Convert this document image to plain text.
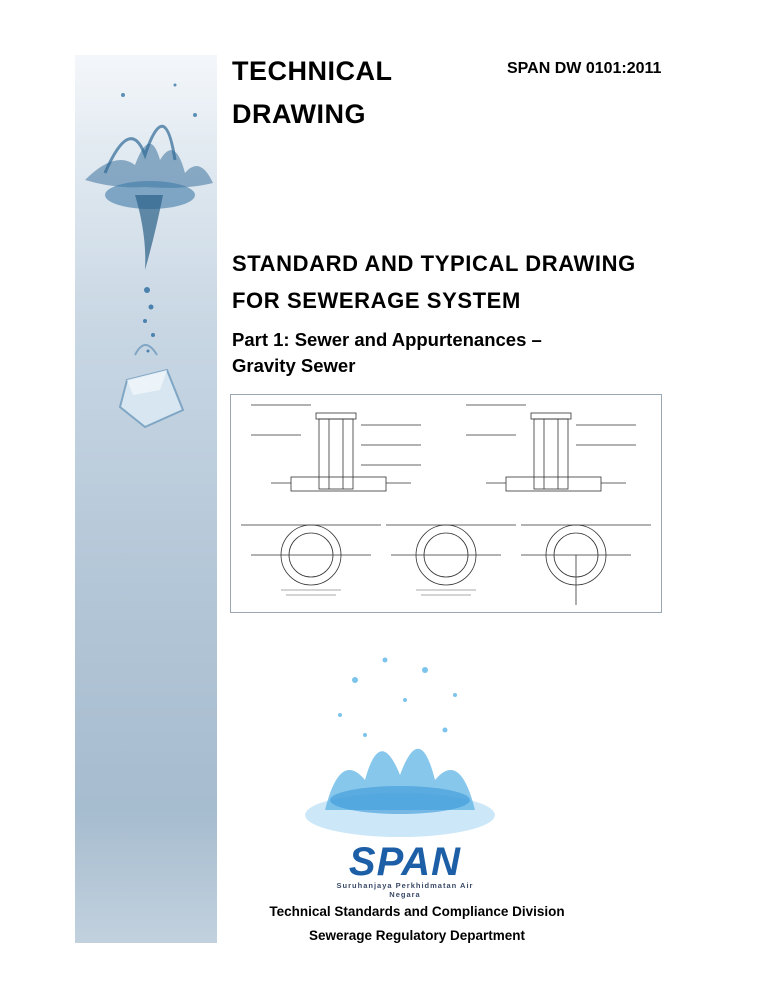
TECHNICAL
DRAWING

SPAN DW 0101:2011

STANDARD AND TYPICAL DRAWING
FOR SEWERAGE SYSTEM

Part 1: Sewer and Appurtenances –

Gravity Sewer

SPAN
Suruhanjaya Perkhidmatan Air Negara

Technical Standards and Compliance Division

Sewerage Regulatory Department
